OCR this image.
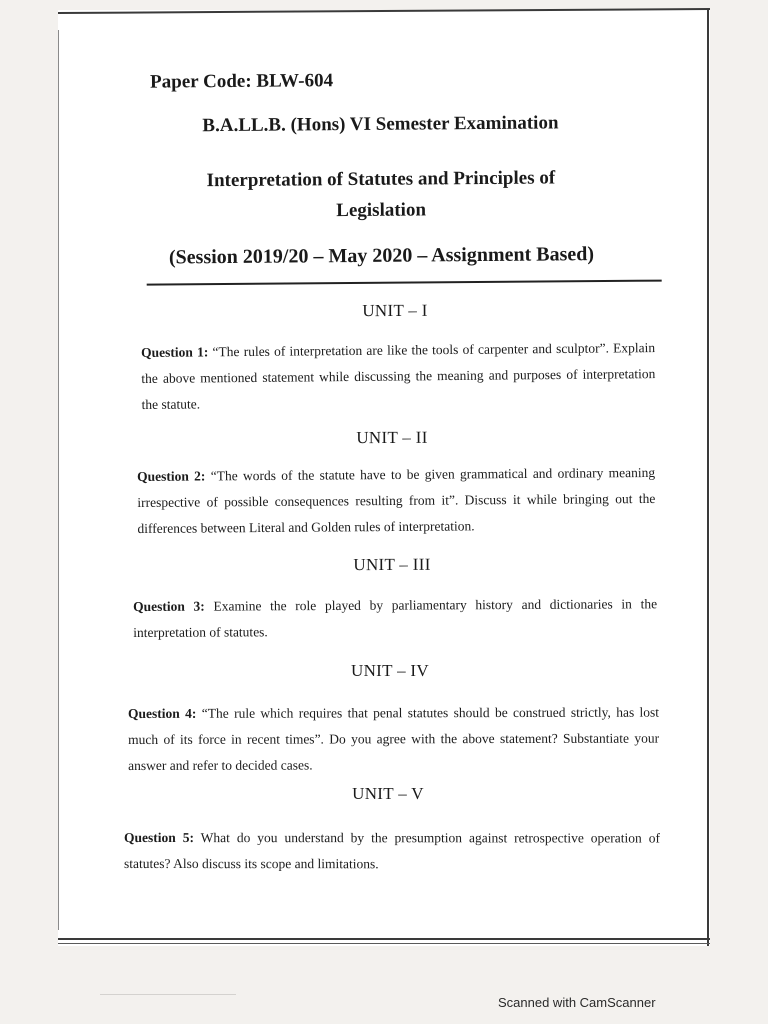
Paper Code: BLW-604
B.A.LL.B. (Hons) VI Semester Examination
Interpretation of Statutes and Principles of
Legislation
(Session 2019/20 – May 2020 – Assignment Based)
UNIT – I
Question 1: “The rules of interpretation are like the tools of carpenter and sculptor”. Explain the above mentioned statement while discussing the meaning and purposes of interpretation the statute.
UNIT – II
Question 2: “The words of the statute have to be given grammatical and ordinary meaning irrespective of possible consequences resulting from it”. Discuss it while bringing out the differences between Literal and Golden rules of interpretation.
UNIT – III
Question 3: Examine the role played by parliamentary history and dictionaries in the interpretation of statutes.
UNIT – IV
Question 4: “The rule which requires that penal statutes should be construed strictly, has lost much of its force in recent times”. Do you agree with the above statement? Substantiate your answer and refer to decided cases.
UNIT – V
Question 5: What do you understand by the presumption against retrospective operation of statutes? Also discuss its scope and limitations.
Scanned with CamScanner
